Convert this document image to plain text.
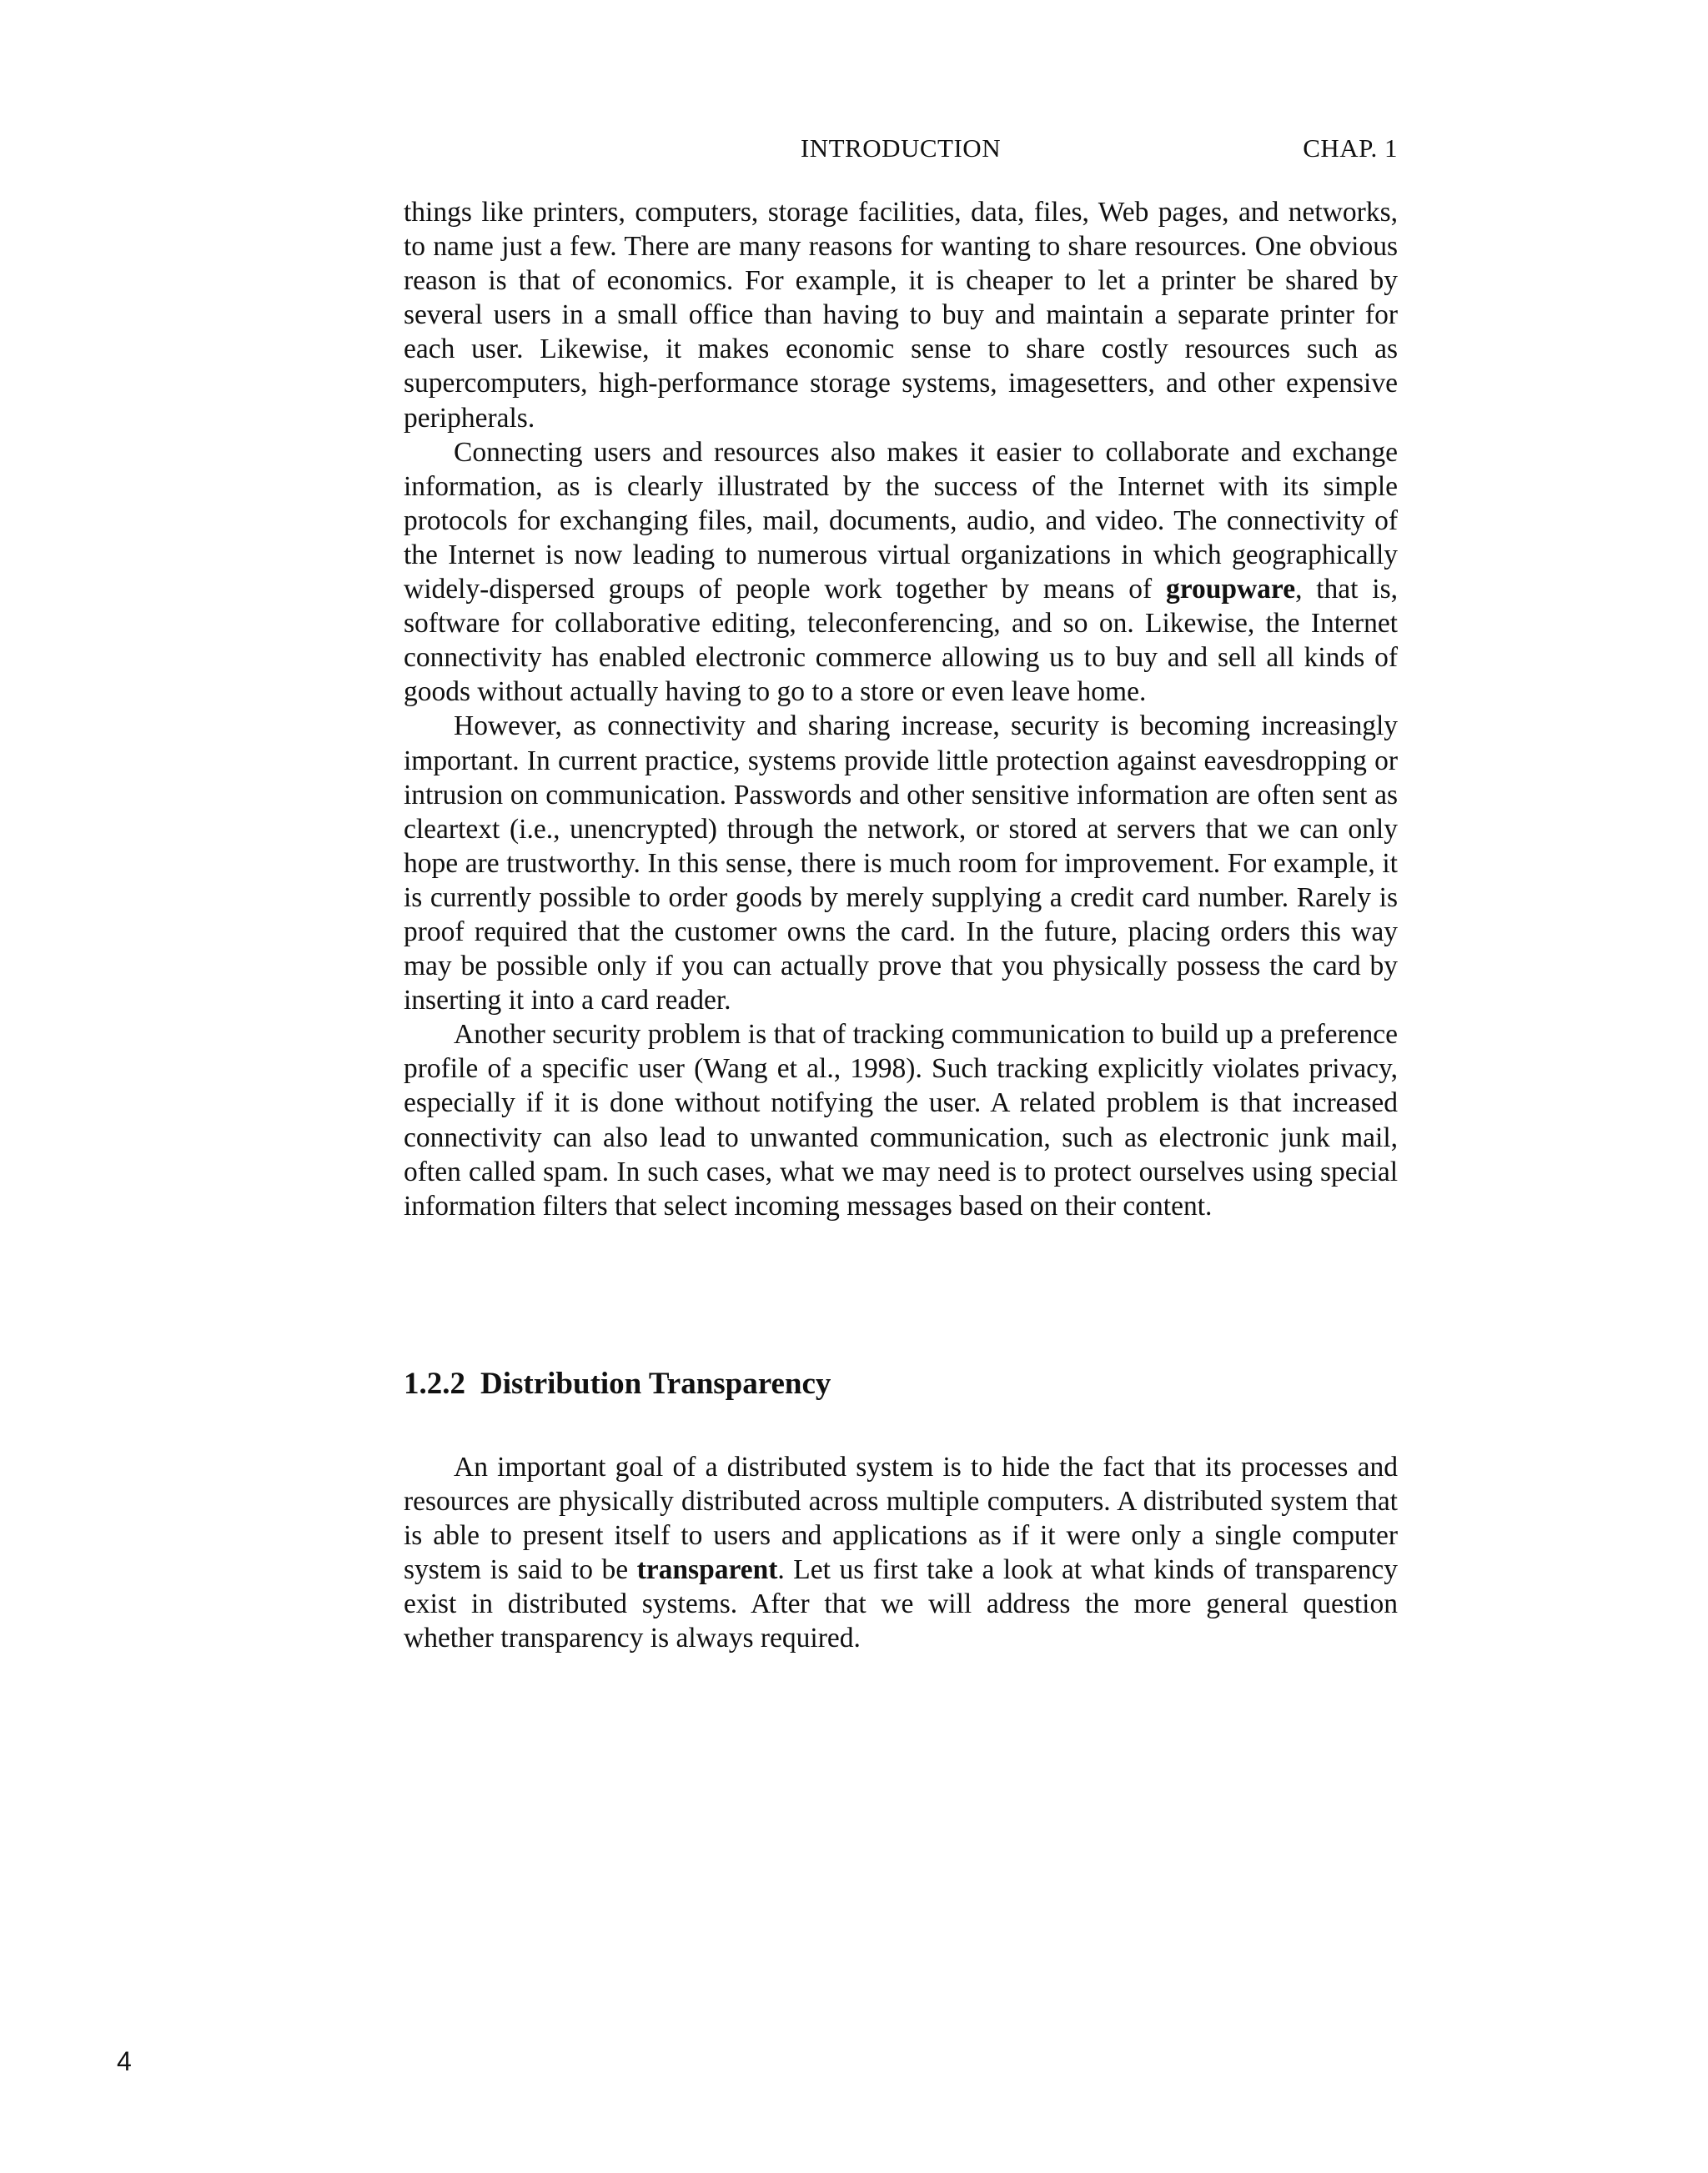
INTRODUCTION	CHAP. 1

things like printers, computers, storage facilities, data, files, Web pages, and networks, to name just a few. There are many reasons for wanting to share resources. One obvious reason is that of economics. For example, it is cheaper to let a printer be shared by several users in a small office than having to buy and maintain a separate printer for each user. Likewise, it makes economic sense to share costly resources such as supercomputers, high-performance storage systems, imagesetters, and other expensive peripherals.

Connecting users and resources also makes it easier to collaborate and exchange information, as is clearly illustrated by the success of the Internet with its simple protocols for exchanging files, mail, documents, audio, and video. The connectivity of the Internet is now leading to numerous virtual organizations in which geographically widely-dispersed groups of people work together by means of groupware, that is, software for collaborative editing, teleconferencing, and so on. Likewise, the Internet connectivity has enabled electronic commerce allowing us to buy and sell all kinds of goods without actually having to go to a store or even leave home.

However, as connectivity and sharing increase, security is becoming increasingly important. In current practice, systems provide little protection against eavesdropping or intrusion on communication. Passwords and other sensitive information are often sent as cleartext (i.e., unencrypted) through the network, or stored at servers that we can only hope are trustworthy. In this sense, there is much room for improvement. For example, it is currently possible to order goods by merely supplying a credit card number. Rarely is proof required that the customer owns the card. In the future, placing orders this way may be possible only if you can actually prove that you physically possess the card by inserting it into a card reader.

Another security problem is that of tracking communication to build up a preference profile of a specific user (Wang et al., 1998). Such tracking explicitly violates privacy, especially if it is done without notifying the user. A related problem is that increased connectivity can also lead to unwanted communication, such as electronic junk mail, often called spam. In such cases, what we may need is to protect ourselves using special information filters that select incoming messages based on their content.

1.2.2 Distribution Transparency

An important goal of a distributed system is to hide the fact that its processes and resources are physically distributed across multiple computers. A distributed system that is able to present itself to users and applications as if it were only a single computer system is said to be transparent. Let us first take a look at what kinds of transparency exist in distributed systems. After that we will address the more general question whether transparency is always required.

4
